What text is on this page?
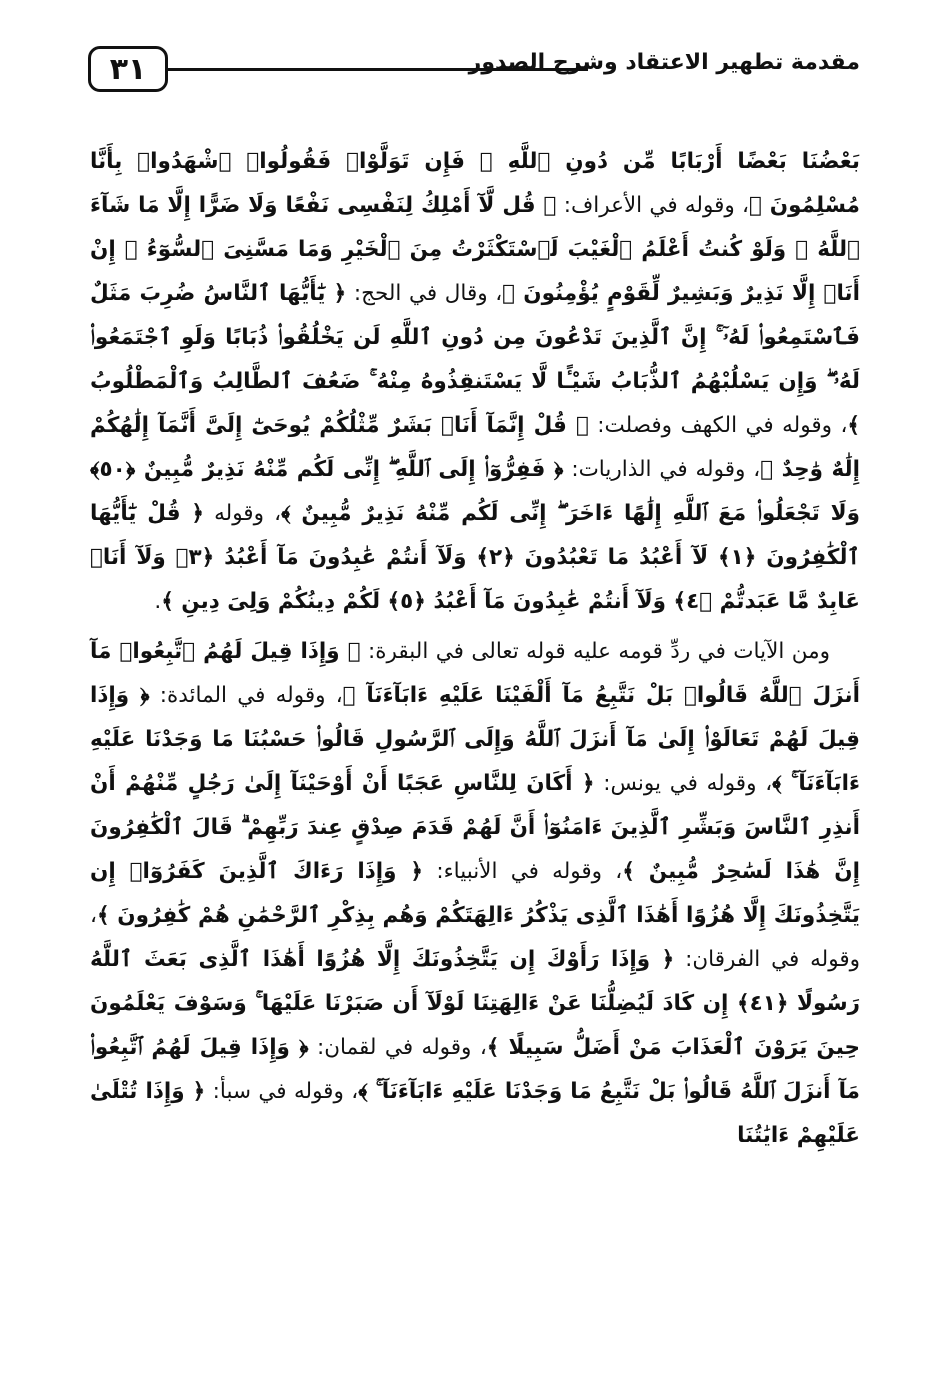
٣١	مقدمة تطهير الاعتقاد وشرح الصدور

بَعْضُنَا بَعْضًا أَرْبَابًا مِّن دُونِ ٱللَّهِ ۚ فَإِن تَوَلَّوْا۟ فَقُولُوا۟ ٱشْهَدُوا۟ بِأَنَّا مُسْلِمُونَ ﴾، وقوله في الأعراف: ﴿ قُل لَّآ أَمْلِكُ لِنَفْسِى نَفْعًا وَلَا ضَرًّا إِلَّا مَا شَآءَ ٱللَّهُ ۚ وَلَوْ كُنتُ أَعْلَمُ ٱلْغَيْبَ لَٱسْتَكْثَرْتُ مِنَ ٱلْخَيْرِ وَمَا مَسَّنِىَ ٱلسُّوٓءُ ۚ إِنْ أَنَا۠ إِلَّا نَذِيرٌ وَبَشِيرٌ لِّقَوْمٍ يُؤْمِنُونَ ﴾، وقال في الحج: ﴿ يَٰٓأَيُّهَا ٱلنَّاسُ ضُرِبَ مَثَلٌ فَٱسْتَمِعُوا۟ لَهُۥٓ ۚ إِنَّ ٱلَّذِينَ تَدْعُونَ مِن دُونِ ٱللَّهِ لَن يَخْلُقُوا۟ ذُبَابًا وَلَوِ ٱجْتَمَعُوا۟ لَهُۥ ۖ وَإِن يَسْلُبْهُمُ ٱلذُّبَابُ شَيْـًٔا لَّا يَسْتَنقِذُوهُ مِنْهُ ۚ ضَعُفَ ٱلطَّالِبُ وَٱلْمَطْلُوبُ ﴾، وقوله في الكهف وفصلت: ﴿ قُلْ إِنَّمَآ أَنَا۠ بَشَرٌ مِّثْلُكُمْ يُوحَىٰٓ إِلَىَّ أَنَّمَآ إِلَٰهُكُمْ إِلَٰهٌ وَٰحِدٌ ﴾، وقوله في الذاريات: ﴿ فَفِرُّوٓا۟ إِلَى ٱللَّهِ ۖ إِنِّى لَكُم مِّنْهُ نَذِيرٌ مُّبِينٌ ﴿٥٠﴾ وَلَا تَجْعَلُوا۟ مَعَ ٱللَّهِ إِلَٰهًا ءَاخَرَ ۖ إِنِّى لَكُم مِّنْهُ نَذِيرٌ مُّبِينٌ ﴾، وقوله ﴿ قُلْ يَٰٓأَيُّهَا ٱلْكَٰفِرُونَ ﴿١﴾ لَآ أَعْبُدُ مَا تَعْبُدُونَ ﴿٢﴾ وَلَآ أَنتُمْ عَٰبِدُونَ مَآ أَعْبُدُ ﴿٣﴾ وَلَآ أَنَا۠ عَابِدٌ مَّا عَبَدتُّمْ ﴿٤﴾ وَلَآ أَنتُمْ عَٰبِدُونَ مَآ أَعْبُدُ ﴿٥﴾ لَكُمْ دِينُكُمْ وَلِىَ دِينِ ﴾.

ومن الآيات في ردِّ قومه عليه قوله تعالى في البقرة: ﴿ وَإِذَا قِيلَ لَهُمُ ٱتَّبِعُوا۟ مَآ أَنزَلَ ٱللَّهُ قَالُوا۟ بَلْ نَتَّبِعُ مَآ أَلْفَيْنَا عَلَيْهِ ءَابَآءَنَآ ﴾، وقوله في المائدة: ﴿ وَإِذَا قِيلَ لَهُمْ تَعَالَوْا۟ إِلَىٰ مَآ أَنزَلَ ٱللَّهُ وَإِلَى ٱلرَّسُولِ قَالُوا۟ حَسْبُنَا مَا وَجَدْنَا عَلَيْهِ ءَابَآءَنَآ ۚ ﴾، وقوله في يونس: ﴿ أَكَانَ لِلنَّاسِ عَجَبًا أَنْ أَوْحَيْنَآ إِلَىٰ رَجُلٍ مِّنْهُمْ أَنْ أَنذِرِ ٱلنَّاسَ وَبَشِّرِ ٱلَّذِينَ ءَامَنُوٓا۟ أَنَّ لَهُمْ قَدَمَ صِدْقٍ عِندَ رَبِّهِمْ ۗ قَالَ ٱلْكَٰفِرُونَ إِنَّ هَٰذَا لَسَٰحِرٌ مُّبِينٌ ﴾، وقوله في الأنبياء: ﴿ وَإِذَا رَءَاكَ ٱلَّذِينَ كَفَرُوٓا۟ إِن يَتَّخِذُونَكَ إِلَّا هُزُوًا أَهَٰذَا ٱلَّذِى يَذْكُرُ ءَالِهَتَكُمْ وَهُم بِذِكْرِ ٱلرَّحْمَٰنِ هُمْ كَٰفِرُونَ ﴾، وقوله في الفرقان: ﴿ وَإِذَا رَأَوْكَ إِن يَتَّخِذُونَكَ إِلَّا هُزُوًا أَهَٰذَا ٱلَّذِى بَعَثَ ٱللَّهُ رَسُولًا ﴿٤١﴾ إِن كَادَ لَيُضِلُّنَا عَنْ ءَالِهَتِنَا لَوْلَآ أَن صَبَرْنَا عَلَيْهَا ۚ وَسَوْفَ يَعْلَمُونَ حِينَ يَرَوْنَ ٱلْعَذَابَ مَنْ أَضَلُّ سَبِيلًا ﴾، وقوله في لقمان: ﴿ وَإِذَا قِيلَ لَهُمُ ٱتَّبِعُوا۟ مَآ أَنزَلَ ٱللَّهُ قَالُوا۟ بَلْ نَتَّبِعُ مَا وَجَدْنَا عَلَيْهِ ءَابَآءَنَآ ۚ ﴾، وقوله في سبأ: ﴿ وَإِذَا تُتْلَىٰ عَلَيْهِمْ ءَايَٰتُنَا
